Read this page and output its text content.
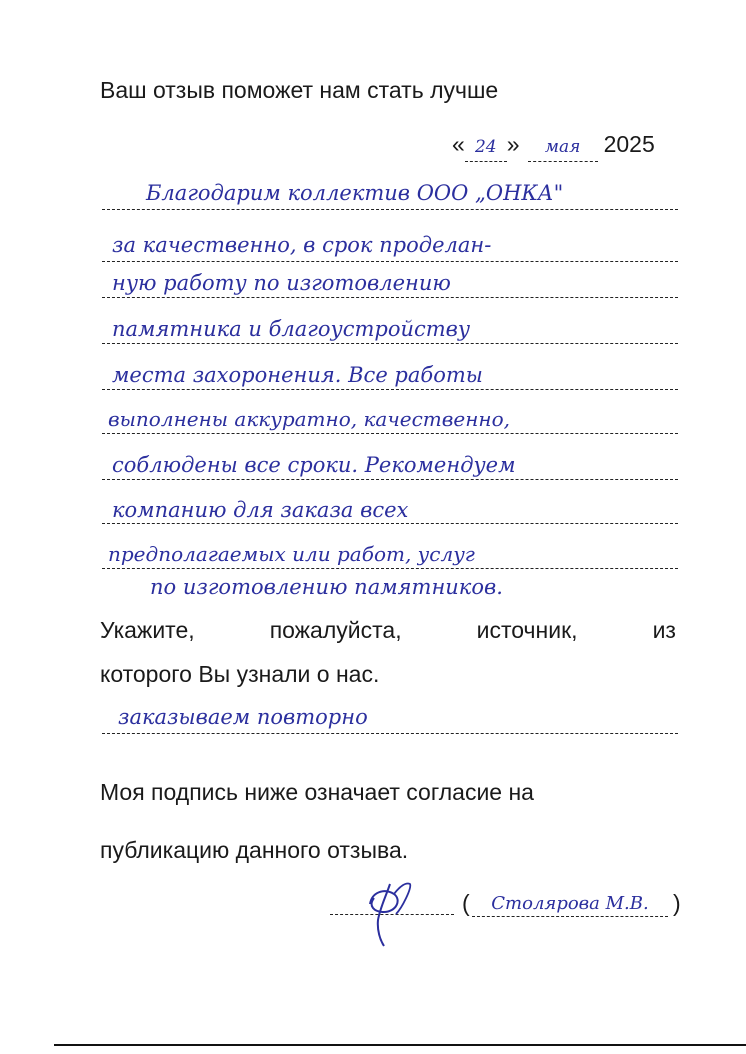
Ваш отзыв поможет нам стать лучше
« 24 » мая 2025
Благодарим коллектив ООО „ОНКА"
за качественно, в срок проделан-
ную работу по изготовлению
памятника и благоустройству
места захоронения. Все работы
выполнены аккуратно, качественно,
соблюдены все сроки. Рекомендуем
компанию для заказа всех
предполагаемых или работ, услуг
по изготовлению памятников.
Укажите,	пожалуйста,	источник,	из
которого Вы узнали о нас.
заказываем повторно
Моя подпись ниже означает согласие на
публикацию данного отзыва.
(	Столярова М.В.	)
